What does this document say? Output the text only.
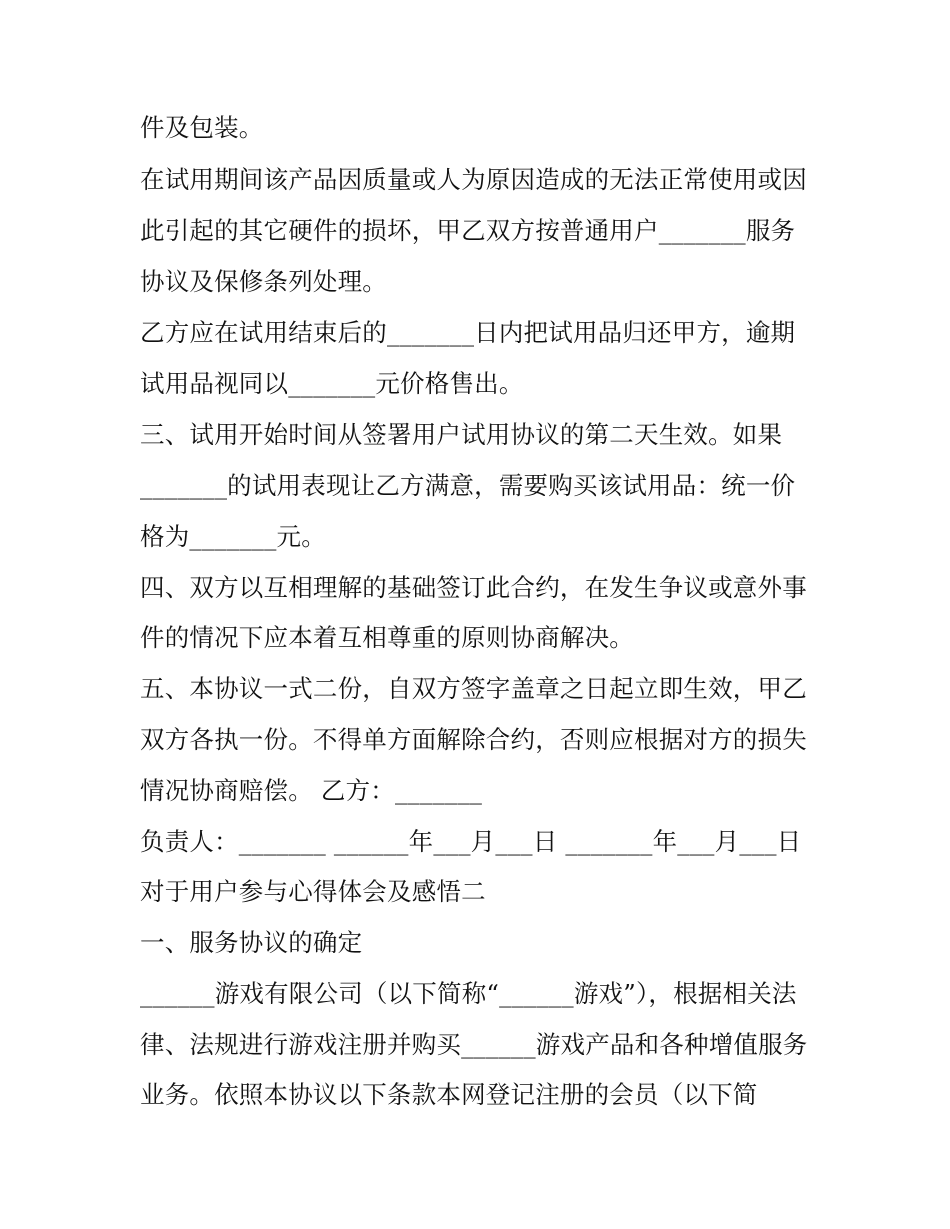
件及包装。
在试用期间该产品因质量或人为原因造成的无法正常使用或因
此引起的其它硬件的损坏，甲乙双方按普通用户_______服务
协议及保修条列处理。
乙方应在试用结束后的_______日内把试用品归还甲方，逾期
试用品视同以_______元价格售出。
三、试用开始时间从签署用户试用协议的第二天生效。如果
_______的试用表现让乙方满意，需要购买该试用品：统一价
格为_______元。
四、双方以互相理解的基础签订此合约，在发生争议或意外事
件的情况下应本着互相尊重的原则协商解决。
五、本协议一式二份，自双方签字盖章之日起立即生效，甲乙
双方各执一份。不得单方面解除合约，否则应根据对方的损失
情况协商赔偿。 乙方：_______
负责人：_______ ______年___月___日 _______年___月___日
对于用户参与心得体会及感悟二
一、服务协议的确定
______游戏有限公司（以下简称“______游戏”），根据相关法
律、法规进行游戏注册并购买______游戏产品和各种增值服务
业务。依照本协议以下条款本网登记注册的会员（以下简
